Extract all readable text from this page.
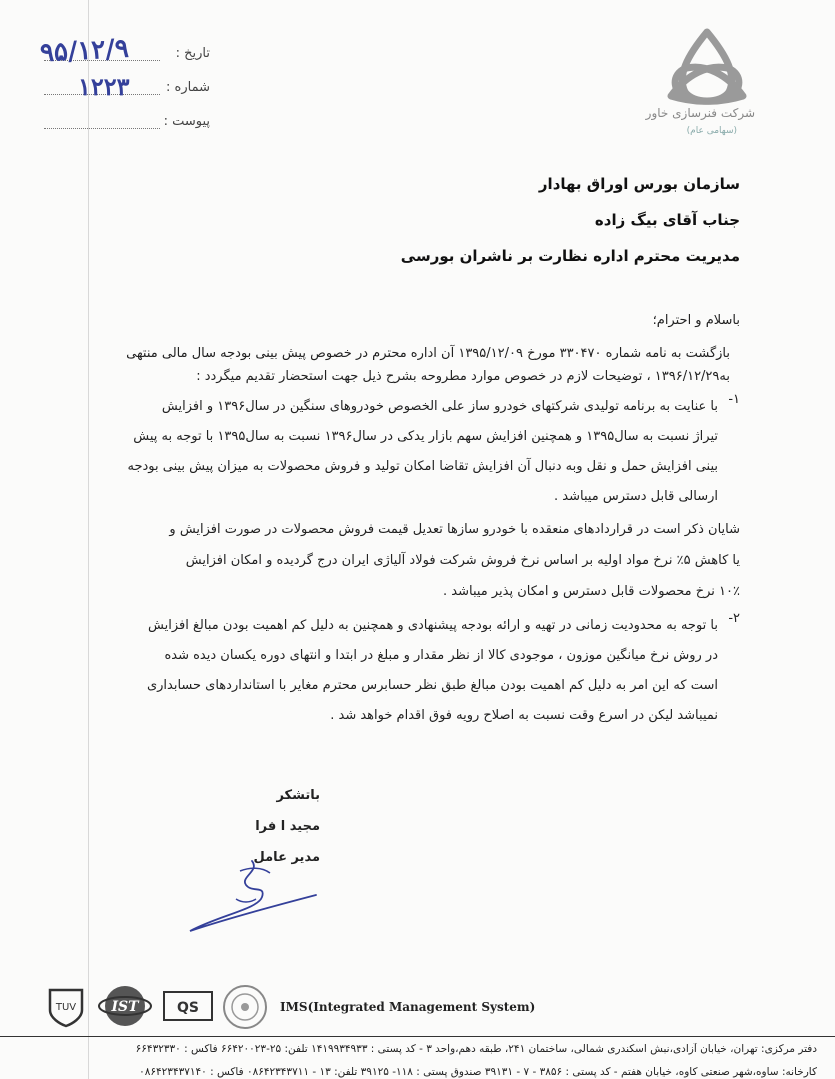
تاریخ :
۹۵/۱۲/۹
شماره :
۱۲۲۳
پیوست :
شرکت فنرسازی خاور
(سهامی عام)
سازمان بورس اوراق بهادار
جناب آقای بیگ زاده
مدیریت محترم اداره نظارت بر ناشران بورسی
باسلام و احترام؛

بازگشت به نامه شماره ۳۳۰۴۷۰ مورخ ۱۳۹۵/۱۲/۰۹ آن اداره محترم در خصوص پیش بینی بودجه سال مالی منتهی

به۱۳۹۶/۱۲/۲۹ ، توضیحات لازم در خصوص موارد مطروحه بشرح ذیل جهت استحضار تقدیم میگردد :

۱-

با عنایت به برنامه تولیدی شرکتهای خودرو ساز علی الخصوص خودروهای سنگین در سال۱۳۹۶ و افزایش

تیراژ نسبت به سال۱۳۹۵ و همچنین افزایش سهم بازار یدکی در سال۱۳۹۶ نسبت به سال۱۳۹۵ با توجه به پیش

بینی افزایش حمل و نقل وبه دنبال آن افزایش تقاضا امکان تولید و فروش محصولات به میزان پیش بینی بودجه

ارسالی قابل دسترس میباشد .

شایان ذکر است در قراردادهای منعقده با خودرو سازها تعدیل قیمت فروش محصولات در صورت افزایش و

یا کاهش ۵٪ نرخ مواد اولیه بر اساس نرخ فروش شرکت فولاد آلیاژی ایران درج گردیده و امکان افزایش

۱۰٪ نرخ محصولات قابل دسترس و امکان پذیر میباشد .

۲-

با توجه به محدودیت زمانی در تهیه و ارائه بودجه پیشنهادی و همچنین به دلیل کم اهمیت بودن مبالغ افزایش

در روش نرخ میانگین موزون ، موجودی کالا از نظر مقدار و مبلغ در ابتدا و انتهای دوره یکسان دیده شده

است که این امر به دلیل کم اهمیت بودن مبالغ طبق نظر حسابرس محترم مغایر با استانداردهای حسابداری

نمیباشد لیکن در اسرع وقت نسبت به اصلاح رویه فوق اقدام خواهد شد .

باتشکر
مجید ا فرا
مدیر عامل
TUV	IST	QS	IMS(Integrated Management System)
دفتر مرکزی: تهران، خیابان آزادی،نبش اسکندری شمالی، ساختمان ۲۴۱، طبقه دهم،واحد ۳ - کد پستی : ۱۴۱۹۹۳۴۹۳۳ تلفن: ۲۵-۶۶۴۲۰۰۲۳ فاکس : ۶۶۴۳۲۳۳۰
کارخانه: ساوه،شهر صنعتی کاوه، خیابان هفتم - کد پستی : ۳۸۵۶ - ۷ - ۳۹۱۳۱ صندوق پستی : ۱۱۸- ۳۹۱۲۵ تلفن: ۱۳ - ۰۸۶۴۲۳۴۳۷۱۱ فاکس : ۰۸۶۴۲۳۴۳۷۱۴۰
